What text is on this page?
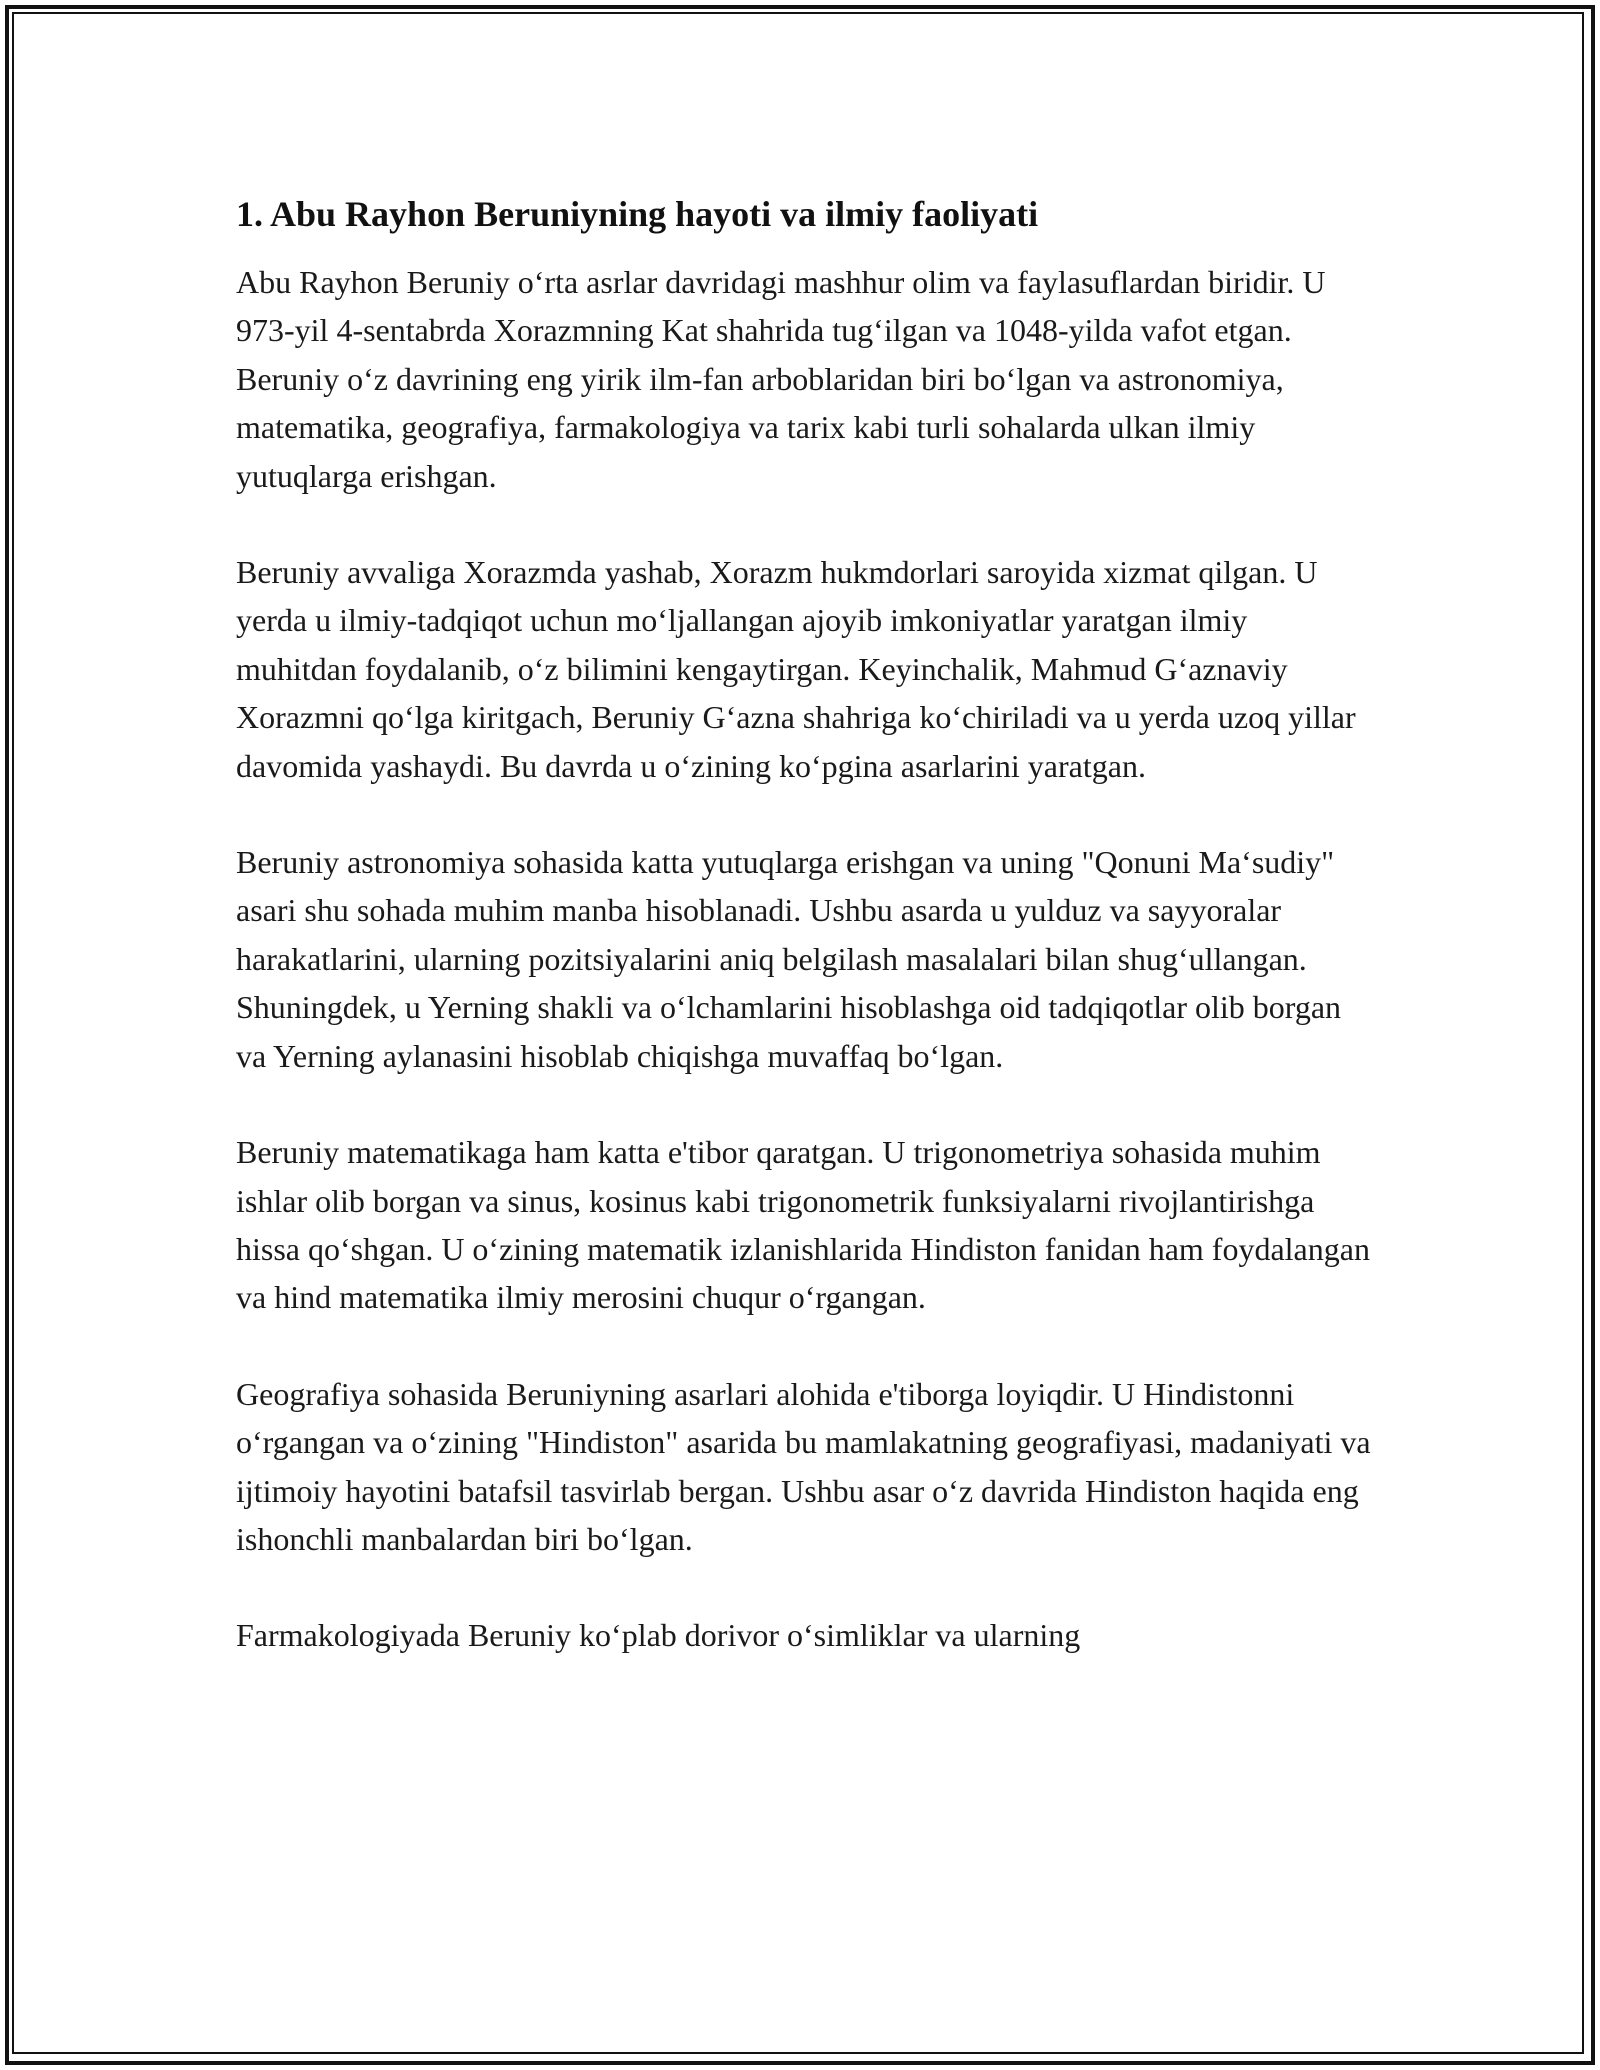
1. Abu Rayhon Beruniyning hayoti va ilmiy faoliyati

Abu Rayhon Beruniy o‘rta asrlar davridagi mashhur olim va faylasuflardan biridir. U 973-yil 4-sentabrda Xorazmning Kat shahrida tug‘ilgan va 1048-yilda vafot etgan. Beruniy o‘z davrining eng yirik ilm-fan arboblaridan biri bo‘lgan va astronomiya, matematika, geografiya, farmakologiya va tarix kabi turli sohalarda ulkan ilmiy yutuqlarga erishgan.

Beruniy avvaliga Xorazmda yashab, Xorazm hukmdorlari saroyida xizmat qilgan. U yerda u ilmiy-tadqiqot uchun mo‘ljallangan ajoyib imkoniyatlar yaratgan ilmiy muhitdan foydalanib, o‘z bilimini kengaytirgan. Keyinchalik, Mahmud G‘aznaviy Xorazmni qo‘lga kiritgach, Beruniy G‘azna shahriga ko‘chiriladi va u yerda uzoq yillar davomida yashaydi. Bu davrda u o‘zining ko‘pgina asarlarini yaratgan.

Beruniy astronomiya sohasida katta yutuqlarga erishgan va uning "Qonuni Ma‘sudiy" asari shu sohada muhim manba hisoblanadi. Ushbu asarda u yulduz va sayyoralar harakatlarini, ularning pozitsiyalarini aniq belgilash masalalari bilan shug‘ullangan. Shuningdek, u Yerning shakli va o‘lchamlarini hisoblashga oid tadqiqotlar olib borgan va Yerning aylanasini hisoblab chiqishga muvaffaq bo‘lgan.

Beruniy matematikaga ham katta e'tibor qaratgan. U trigonometriya sohasida muhim ishlar olib borgan va sinus, kosinus kabi trigonometrik funksiyalarni rivojlantirishga hissa qo‘shgan. U o‘zining matematik izlanishlarida Hindiston fanidan ham foydalangan va hind matematika ilmiy merosini chuqur o‘rgangan.

Geografiya sohasida Beruniyning asarlari alohida e'tiborga loyiqdir. U Hindistonni o‘rgangan va o‘zining "Hindiston" asarida bu mamlakatning geografiyasi, madaniyati va ijtimoiy hayotini batafsil tasvirlab bergan. Ushbu asar o‘z davrida Hindiston haqida eng ishonchli manbalardan biri bo‘lgan.

Farmakologiyada Beruniy ko‘plab dorivor o‘simliklar va ularning
